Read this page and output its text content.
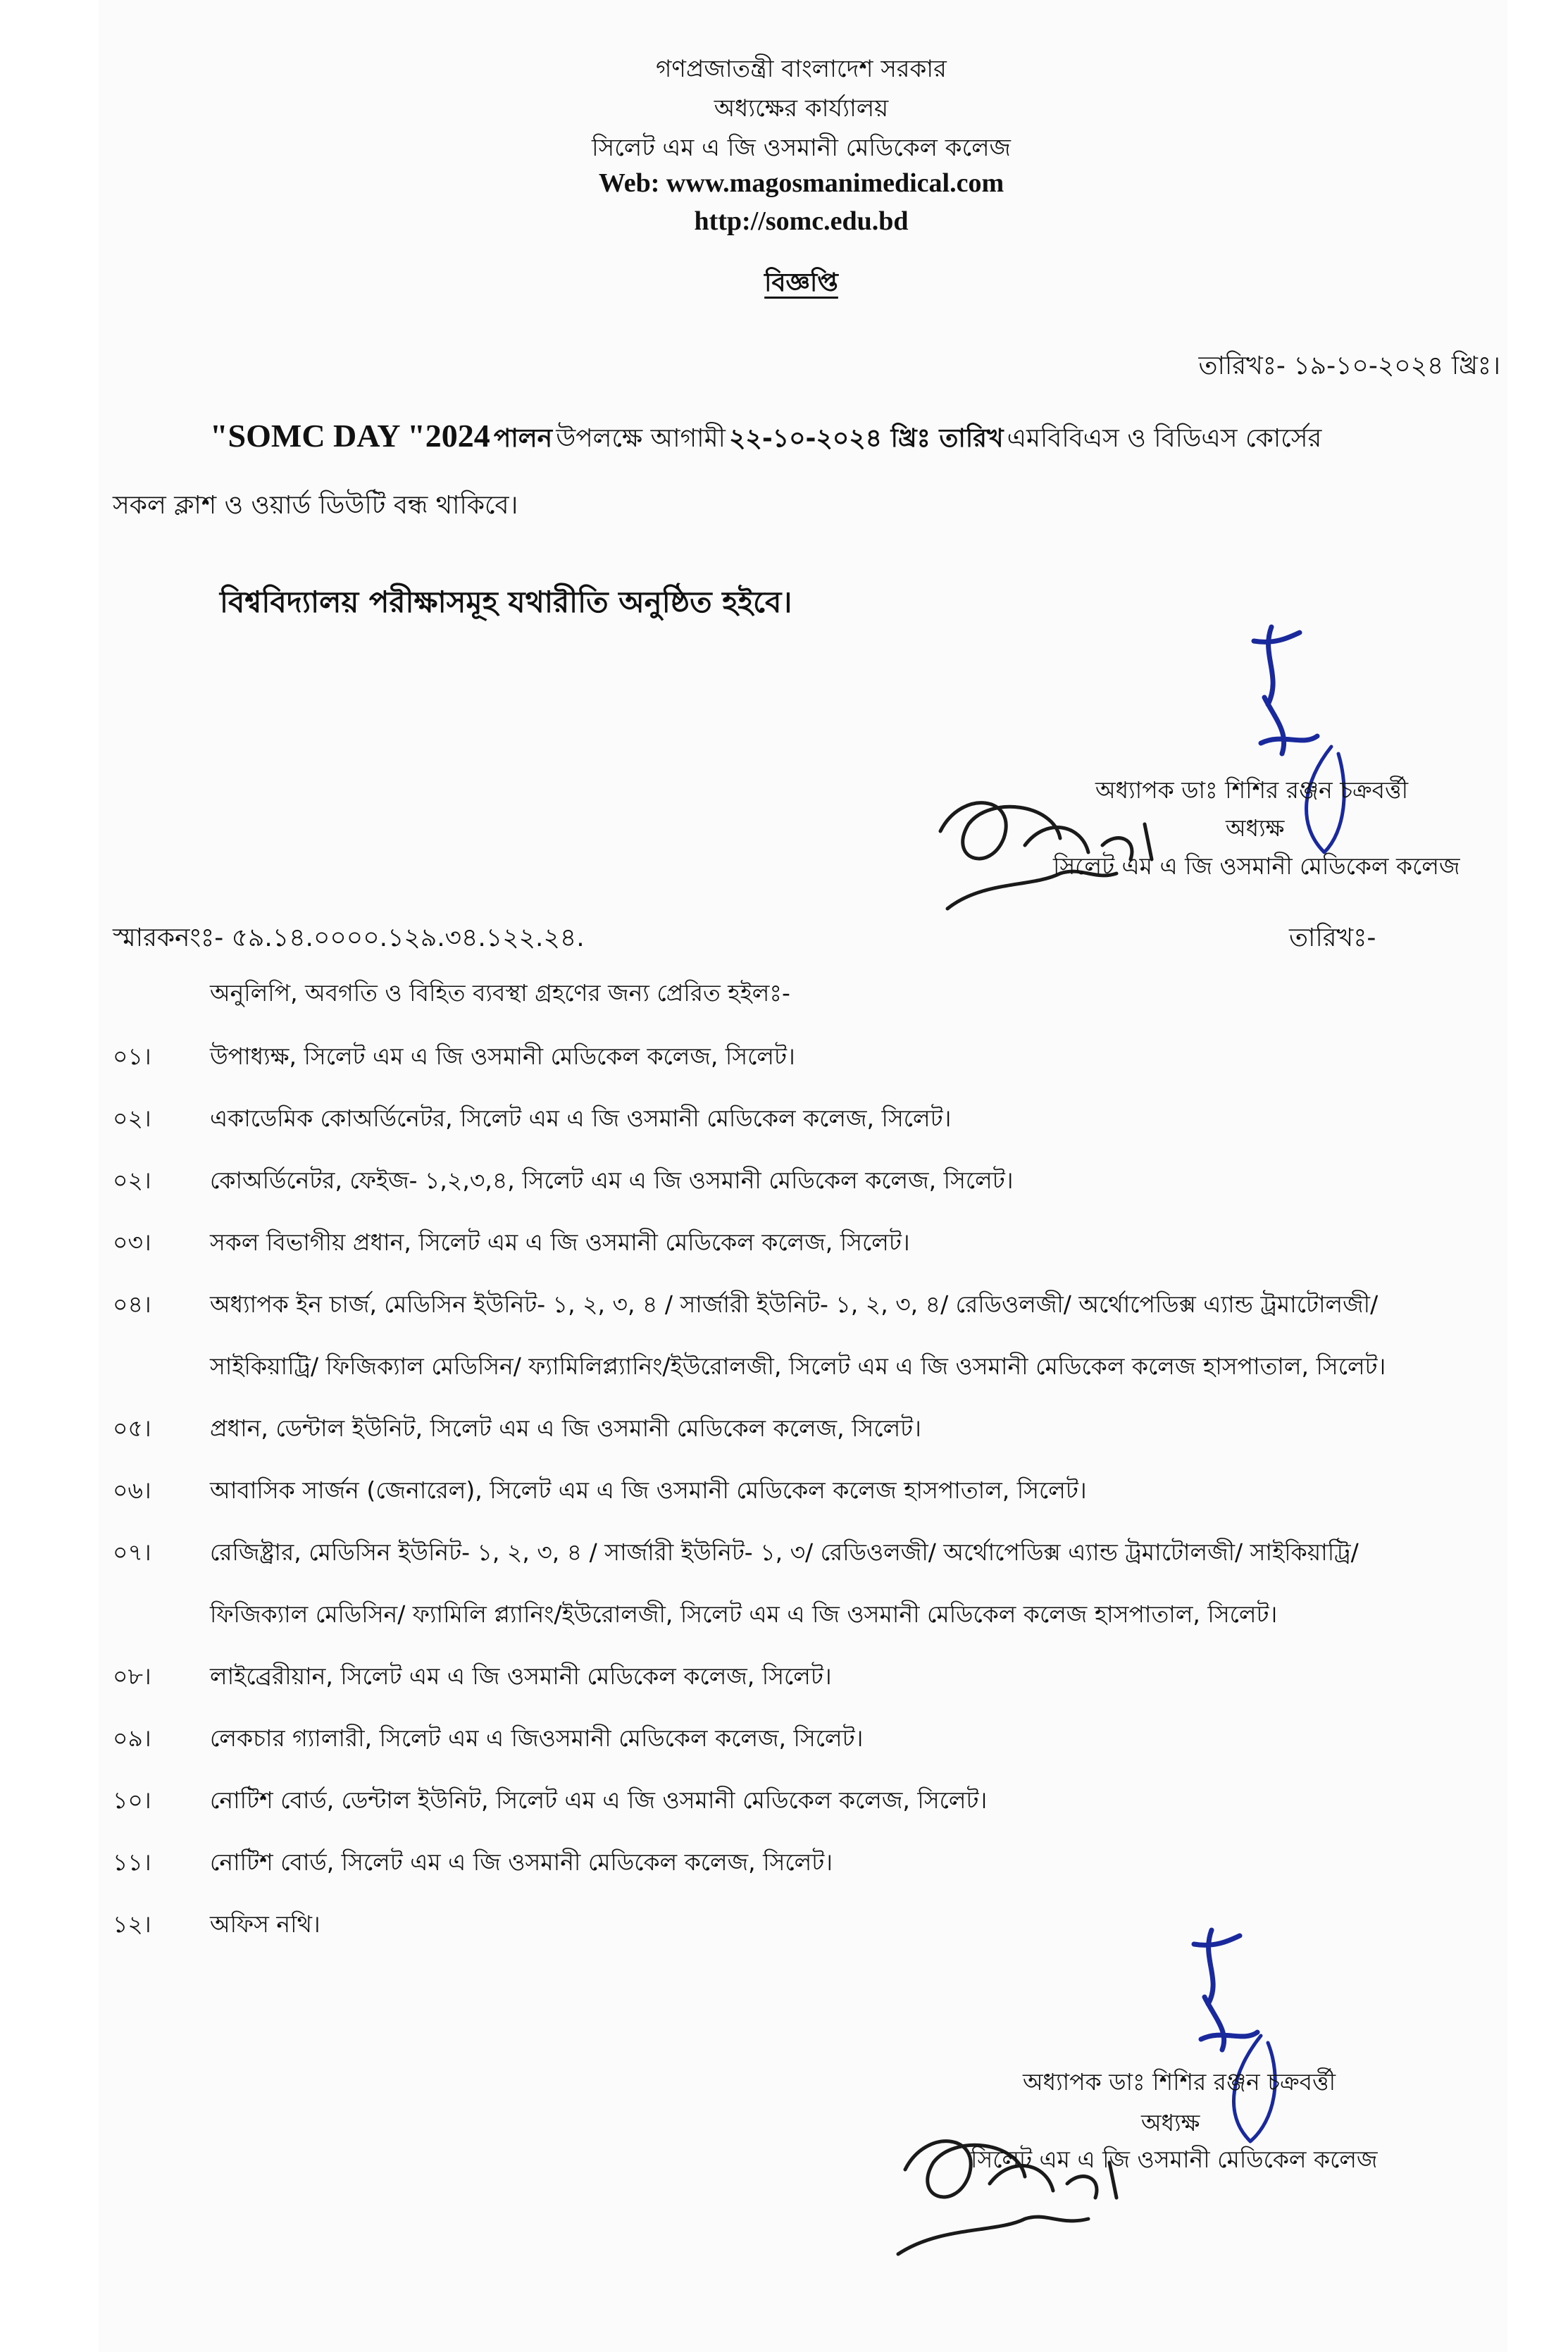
গণপ্রজাতন্ত্রী বাংলাদেশ সরকার
অধ্যক্ষের কার্য্যালয়
সিলেট এম এ জি ওসমানী মেডিকেল কলেজ
Web: www.magosmanimedical.com
http://somc.edu.bd
বিজ্ঞপ্তি
তারিখঃ- ১৯-১০-২০২৪ খ্রিঃ।
"SOMC DAY "2024 পালন উপলক্ষে আগামী ২২-১০-২০২৪ খ্রিঃ তারিখ এমবিবিএস ও বিডিএস কোর্সের
সকল ক্লাশ ও ওয়ার্ড ডিউটি বন্ধ থাকিবে।
বিশ্ববিদ্যালয় পরীক্ষাসমূহ যথারীতি অনুষ্ঠিত হইবে।
অধ্যাপক ডাঃ শিশির রঞ্জন চক্রবর্ত্তী
অধ্যক্ষ
সিলেট এম এ জি ওসমানী মেডিকেল কলেজ
স্মারকনংঃ- ৫৯.১৪.০০০০.১২৯.৩৪.১২২.২৪.	তারিখঃ-
অনুলিপি, অবগতি ও বিহিত ব্যবস্থা গ্রহণের জন্য প্রেরিত হইলঃ-
০১।	উপাধ্যক্ষ, সিলেট এম এ জি ওসমানী মেডিকেল কলেজ, সিলেট।
০২।	একাডেমিক কোঅর্ডিনেটর, সিলেট এম এ জি ওসমানী মেডিকেল কলেজ, সিলেট।
০২।	কোঅর্ডিনেটর, ফেইজ- ১,২,৩,৪, সিলেট এম এ জি ওসমানী মেডিকেল কলেজ, সিলেট।
০৩।	সকল বিভাগীয় প্রধান, সিলেট এম এ জি ওসমানী মেডিকেল কলেজ, সিলেট।
০৪।	অধ্যাপক ইন চার্জ, মেডিসিন ইউনিট- ১, ২, ৩, ৪ / সার্জারী ইউনিট- ১, ২, ৩, ৪/ রেডিওলজী/ অর্থোপেডিক্স এ্যান্ড ট্রমাটোলজী/
সাইকিয়াট্রি/ ফিজিক্যাল মেডিসিন/ ফ্যামিলিপ্ল্যানিং/ইউরোলজী, সিলেট এম এ জি ওসমানী মেডিকেল কলেজ হাসপাতাল, সিলেট।
০৫।	প্রধান, ডেন্টাল ইউনিট, সিলেট এম এ জি ওসমানী মেডিকেল কলেজ, সিলেট।
০৬।	আবাসিক সার্জন (জেনারেল), সিলেট এম এ জি ওসমানী মেডিকেল কলেজ হাসপাতাল, সিলেট।
০৭।	রেজিষ্ট্রার, মেডিসিন ইউনিট- ১, ২, ৩, ৪ / সার্জারী ইউনিট- ১, ৩/ রেডিওলজী/ অর্থোপেডিক্স এ্যান্ড ট্রমাটোলজী/ সাইকিয়াট্রি/
ফিজিক্যাল মেডিসিন/ ফ্যামিলি প্ল্যানিং/ইউরোলজী, সিলেট এম এ জি ওসমানী মেডিকেল কলেজ হাসপাতাল, সিলেট।
০৮।	লাইব্রেরীয়ান, সিলেট এম এ জি ওসমানী মেডিকেল কলেজ, সিলেট।
০৯।	লেকচার গ্যালারী, সিলেট এম এ জিওসমানী মেডিকেল কলেজ, সিলেট।
১০।	নোটিশ বোর্ড, ডেন্টাল ইউনিট, সিলেট এম এ জি ওসমানী মেডিকেল কলেজ, সিলেট।
১১।	নোটিশ বোর্ড, সিলেট এম এ জি ওসমানী মেডিকেল কলেজ, সিলেট।
১২।	অফিস নথি।
অধ্যাপক ডাঃ শিশির রঞ্জন চক্রবর্ত্তী
অধ্যক্ষ
সিলেট এম এ জি ওসমানী মেডিকেল কলেজ
